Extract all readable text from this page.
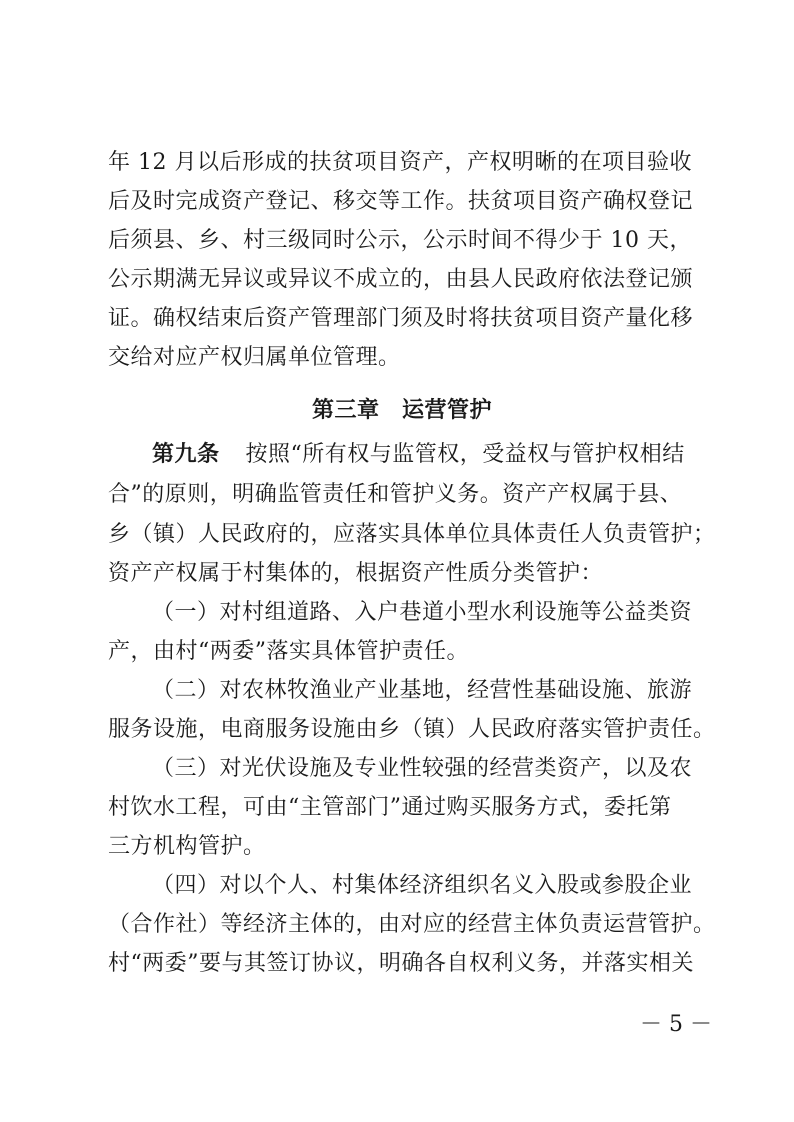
年 12 月以后形成的扶贫项目资产，产权明晰的在项目验收
后及时完成资产登记、移交等工作。扶贫项目资产确权登记
后须县、乡、村三级同时公示，公示时间不得少于 10 天，
公示期满无异议或异议不成立的，由县人民政府依法登记颁
证。确权结束后资产管理部门须及时将扶贫项目资产量化移
交给对应产权归属单位管理。
第三章　运营管护
第九条 按照“所有权与监管权，受益权与管护权相结
合”的原则，明确监管责任和管护义务。资产产权属于县、
乡（镇）人民政府的，应落实具体单位具体责任人负责管护；
资产产权属于村集体的，根据资产性质分类管护：
（一）对村组道路、入户巷道小型水利设施等公益类资
产，由村“两委”落实具体管护责任。
（二）对农林牧渔业产业基地，经营性基础设施、旅游
服务设施，电商服务设施由乡（镇）人民政府落实管护责任。
（三）对光伏设施及专业性较强的经营类资产，以及农
村饮水工程，可由“主管部门”通过购买服务方式，委托第
三方机构管护。
（四）对以个人、村集体经济组织名义入股或参股企业
（合作社）等经济主体的，由对应的经营主体负责运营管护。
村“两委”要与其签订协议，明确各自权利义务，并落实相关
－ 5 －
